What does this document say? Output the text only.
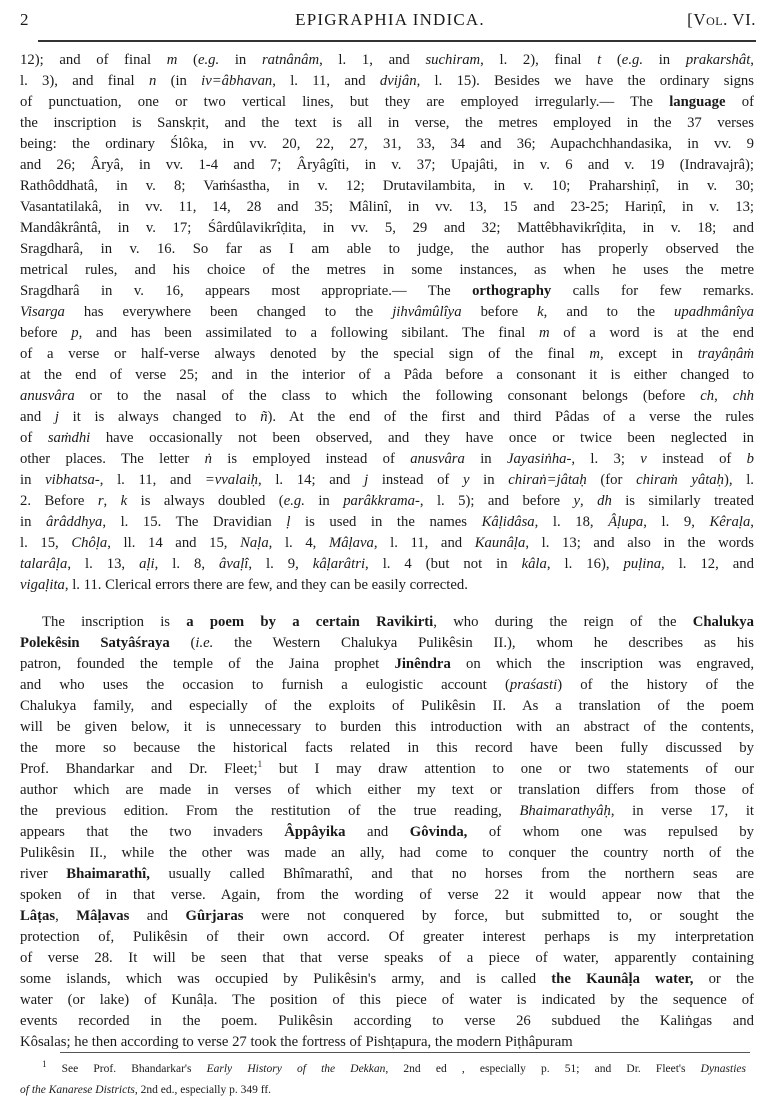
2	EPIGRAPHIA INDICA.	[Vol. VI.
12); and of final m (e.g. in ratnânâm, l. 1, and suchiram, l. 2), final t (e.g. in prakarshât,
l. 3), and final n (in iv=âbhavan, l. 11, and dvijân, l. 15). Besides we have the ordinary signs
of punctuation, one or two vertical lines, but they are employed irregularly.— The language of
the inscription is Sanskṛit, and the text is all in verse, the metres employed in the 37 verses
being: the ordinary Ślôka, in vv. 20, 22, 27, 31, 33, 34 and 36; Aupachchhandasika, in vv. 9
and 26; Âryâ, in vv. 1-4 and 7; Âryâgîti, in v. 37; Upajâti, in v. 6 and v. 19 (Indravajrâ);
Rathôddhatâ, in v. 8; Vaṁśastha, in v. 12; Drutavilambita, in v. 10; Praharshiṇî, in v. 30;
Vasantatilakâ, in vv. 11, 14, 28 and 35; Mâlinî, in vv. 13, 15 and 23-25; Hariṇî, in v. 13;
Mandâkrântâ, in v. 17; Śârdûlavikrîḍita, in vv. 5, 29 and 32; Mattêbhavikrîḍita, in v. 18; and
Sragdharâ, in v. 16. So far as I am able to judge, the author has properly observed the
metrical rules, and his choice of the metres in some instances, as when he uses the metre
Sragdharâ in v. 16, appears most appropriate.— The orthography calls for few remarks.
Visarga has everywhere been changed to the jihvâmûlîya before k, and to the upadhmânîya
before p, and has been assimilated to a following sibilant. The final m of a word is at the end
of a verse or half-verse always denoted by the special sign of the final m, except in trayâṇâṁ
at the end of verse 25; and in the interior of a Pâda before a consonant it is either changed to
anusvâra or to the nasal of the class to which the following consonant belongs (before ch, chh
and j it is always changed to ñ). At the end of the first and third Pâdas of a verse the rules
of saṁdhi have occasionally not been observed, and they have once or twice been neglected in
other places. The letter ṅ is employed instead of anusvâra in Jayasiṅha-, l. 3; v instead of b
in vibhatsa-, l. 11, and =vvalaiḥ, l. 14; and j instead of y in chiraṅ=jâtaḥ (for chiraṁ yâtaḥ), l.
2. Before r, k is always doubled (e.g. in parâkkrama-, l. 5); and before y, dh is similarly treated
in ârâddhya, l. 15. The Dravidian ḷ is used in the names Kâḷidâsa, l. 18, Âḷupa, l. 9, Kêraḷa,
l. 15, Chôḷa, ll. 14 and 15, Naḷa, l. 4, Mâḷava, l. 11, and Kaunâḷa, l. 13; and also in the words
talarâḷa, l. 13, aḷi, l. 8, âvaḷî, l. 9, kâḷarâtri, l. 4 (but not in kâla, l. 16), puḷina, l. 12, and
vigaḷita, l. 11. Clerical errors there are few, and they can be easily corrected.
The inscription is a poem by a certain Ravikirti, who during the reign of the Chalukya
Polekêsin Satyâśraya (i.e. the Western Chalukya Pulikêsin II.), whom he describes as his
patron, founded the temple of the Jaina prophet Jinêndra on which the inscription was engraved,
and who uses the occasion to furnish a eulogistic account (praśasti) of the history of the
Chalukya family, and especially of the exploits of Pulikêsin II. As a translation of the poem
will be given below, it is unnecessary to burden this introduction with an abstract of the contents,
the more so because the historical facts related in this record have been fully discussed by
Prof. Bhandarkar and Dr. Fleet;$^1$ but I may draw attention to one or two statements of our
author which are made in verses of which either my text or translation differs from those of
the previous edition. From the restitution of the true reading, Bhaimarathyâḥ, in verse 17, it
appears that the two invaders Âppâyika and Gôvinda, of whom one was repulsed by
Pulikêsin II., while the other was made an ally, had come to conquer the country north of the
river Bhaimarathî, usually called Bhîmarathî, and that no horses from the northern seas are
spoken of in that verse. Again, from the wording of verse 22 it would appear now that the
Lâṭas, Mâḷavas and Gûrjaras were not conquered by force, but submitted to, or sought the
protection of, Pulikêsin of their own accord. Of greater interest perhaps is my interpretation
of verse 28. It will be seen that that verse speaks of a piece of water, apparently containing
some islands, which was occupied by Pulikêsin's army, and is called the Kaunâḷa water, or the
water (or lake) of Kunâḷa. The position of this piece of water is indicated by the sequence of
events recorded in the poem. Pulikêsin according to verse 26 subdued the Kaliṅgas and
Kôsalas; he then according to verse 27 took the fortress of Pishṭapura, the modern Piṭhâpuram
$^1$ See Prof. Bhandarkar's Early History of the Dekkan, 2nd ed , especially p. 51; and Dr. Fleet's Dynasties
of the Kanarese Districts, 2nd ed., especially p. 349 ff.
